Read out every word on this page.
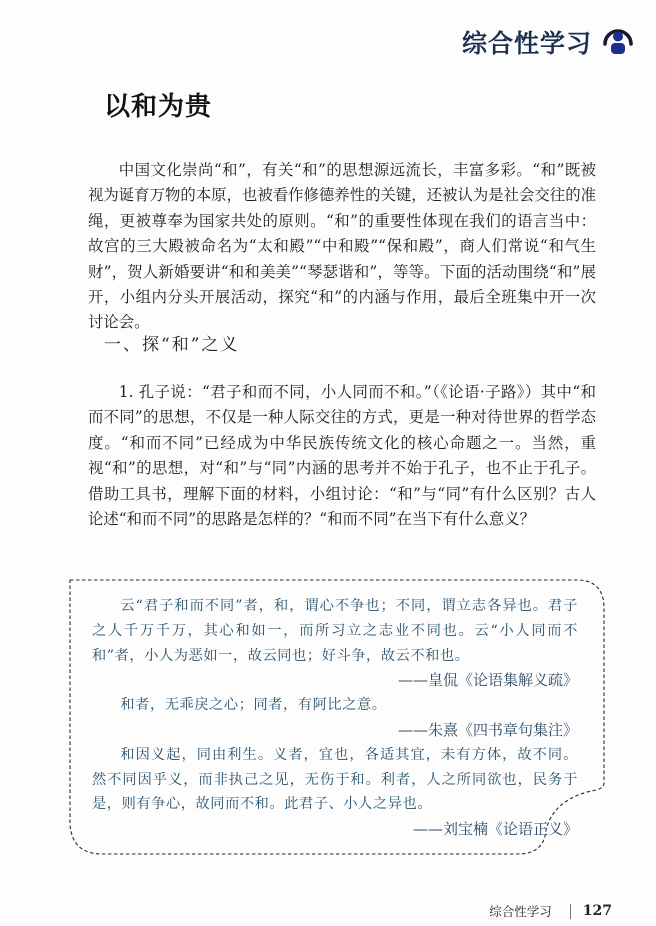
综合性学习
以和为贵

中国文化崇尚“和”，有关“和”的思想源远流长，丰富多彩。“和”既被视为诞育万物的本原，也被看作修德养性的关键，还被认为是社会交往的准绳，更被尊奉为国家共处的原则。“和”的重要性体现在我们的语言当中：故宫的三大殿被命名为“太和殿”“中和殿”“保和殿”，商人们常说“和气生财”，贺人新婚要讲“和和美美”“琴瑟谐和”，等等。下面的活动围绕“和”展开，小组内分头开展活动，探究“和”的内涵与作用，最后全班集中开一次讨论会。

一、探“和”之义

1. 孔子说：“君子和而不同，小人同而不和。”（《论语·子路》）其中“和而不同”的思想，不仅是一种人际交往的方式，更是一种对待世界的哲学态度。“和而不同”已经成为中华民族传统文化的核心命题之一。当然，重视“和”的思想，对“和”与“同”内涵的思考并不始于孔子，也不止于孔子。借助工具书，理解下面的材料，小组讨论：“和”与“同”有什么区别？古人论述“和而不同”的思路是怎样的？“和而不同”在当下有什么意义？

云“君子和而不同”者，和，谓心不争也；不同，谓立志各异也。君子之人千万千万，其心和如一，而所习立之志业不同也。云“小人同而不和”者，小人为恶如一，故云同也；好斗争，故云不和也。

——皇侃《论语集解义疏》

和者，无乖戾之心；同者，有阿比之意。

——朱熹《四书章句集注》

和因义起，同由利生。义者，宜也，各适其宜，未有方体，故不同。然不同因乎义，而非执己之见，无伤于和。利者，人之所同欲也，民务于是，则有争心，故同而不和。此君子、小人之异也。

——刘宝楠《论语正义》

综合性学习 127
